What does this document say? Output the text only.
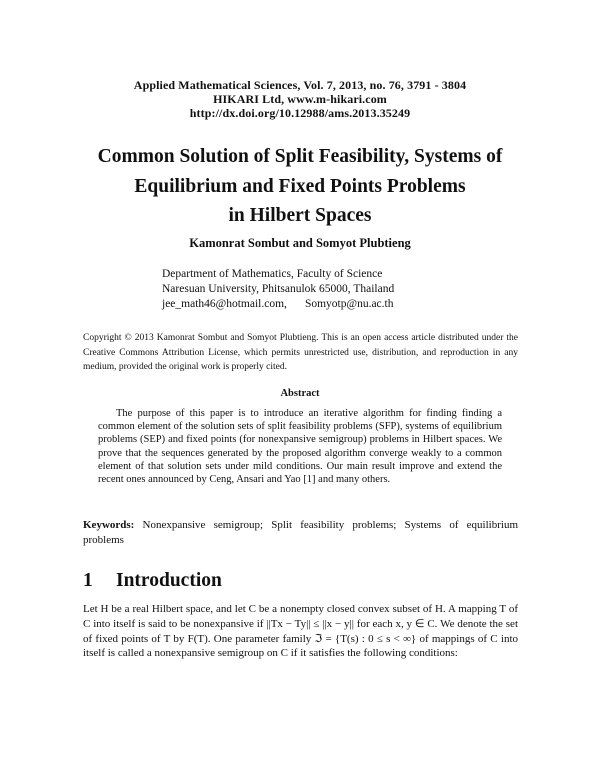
Applied Mathematical Sciences, Vol. 7, 2013, no. 76, 3791 - 3804
HIKARI Ltd, www.m-hikari.com
http://dx.doi.org/10.12988/ams.2013.35249
Common Solution of Split Feasibility, Systems of
Equilibrium and Fixed Points Problems
in Hilbert Spaces
Kamonrat Sombut and Somyot Plubtieng
Department of Mathematics, Faculty of Science
Naresuan University, Phitsanulok 65000, Thailand
jee_math46@hotmail.com, Somyotp@nu.ac.th
Copyright © 2013 Kamonrat Sombut and Somyot Plubtieng. This is an open access article distributed under the Creative Commons Attribution License, which permits unrestricted use, distribution, and reproduction in any medium, provided the original work is properly cited.
Abstract
The purpose of this paper is to introduce an iterative algorithm for finding finding a common element of the solution sets of split feasibility problems (SFP), systems of equilibrium problems (SEP) and fixed points (for nonexpansive semigroup) problems in Hilbert spaces. We prove that the sequences generated by the proposed algorithm converge weakly to a common element of that solution sets under mild conditions. Our main result improve and extend the recent ones announced by Ceng, Ansari and Yao [1] and many others.
Keywords: Nonexpansive semigroup; Split feasibility problems; Systems of equilibrium problems
1 Introduction
Let H be a real Hilbert space, and let C be a nonempty closed convex subset of H. A mapping T of C into itself is said to be nonexpansive if ||Tx − Ty|| ≤ ||x − y|| for each x, y ∈ C. We denote the set of fixed points of T by F(T). One parameter family ℑ = {T(s) : 0 ≤ s < ∞} of mappings of C into itself is called a nonexpansive semigroup on C if it satisfies the following conditions:
